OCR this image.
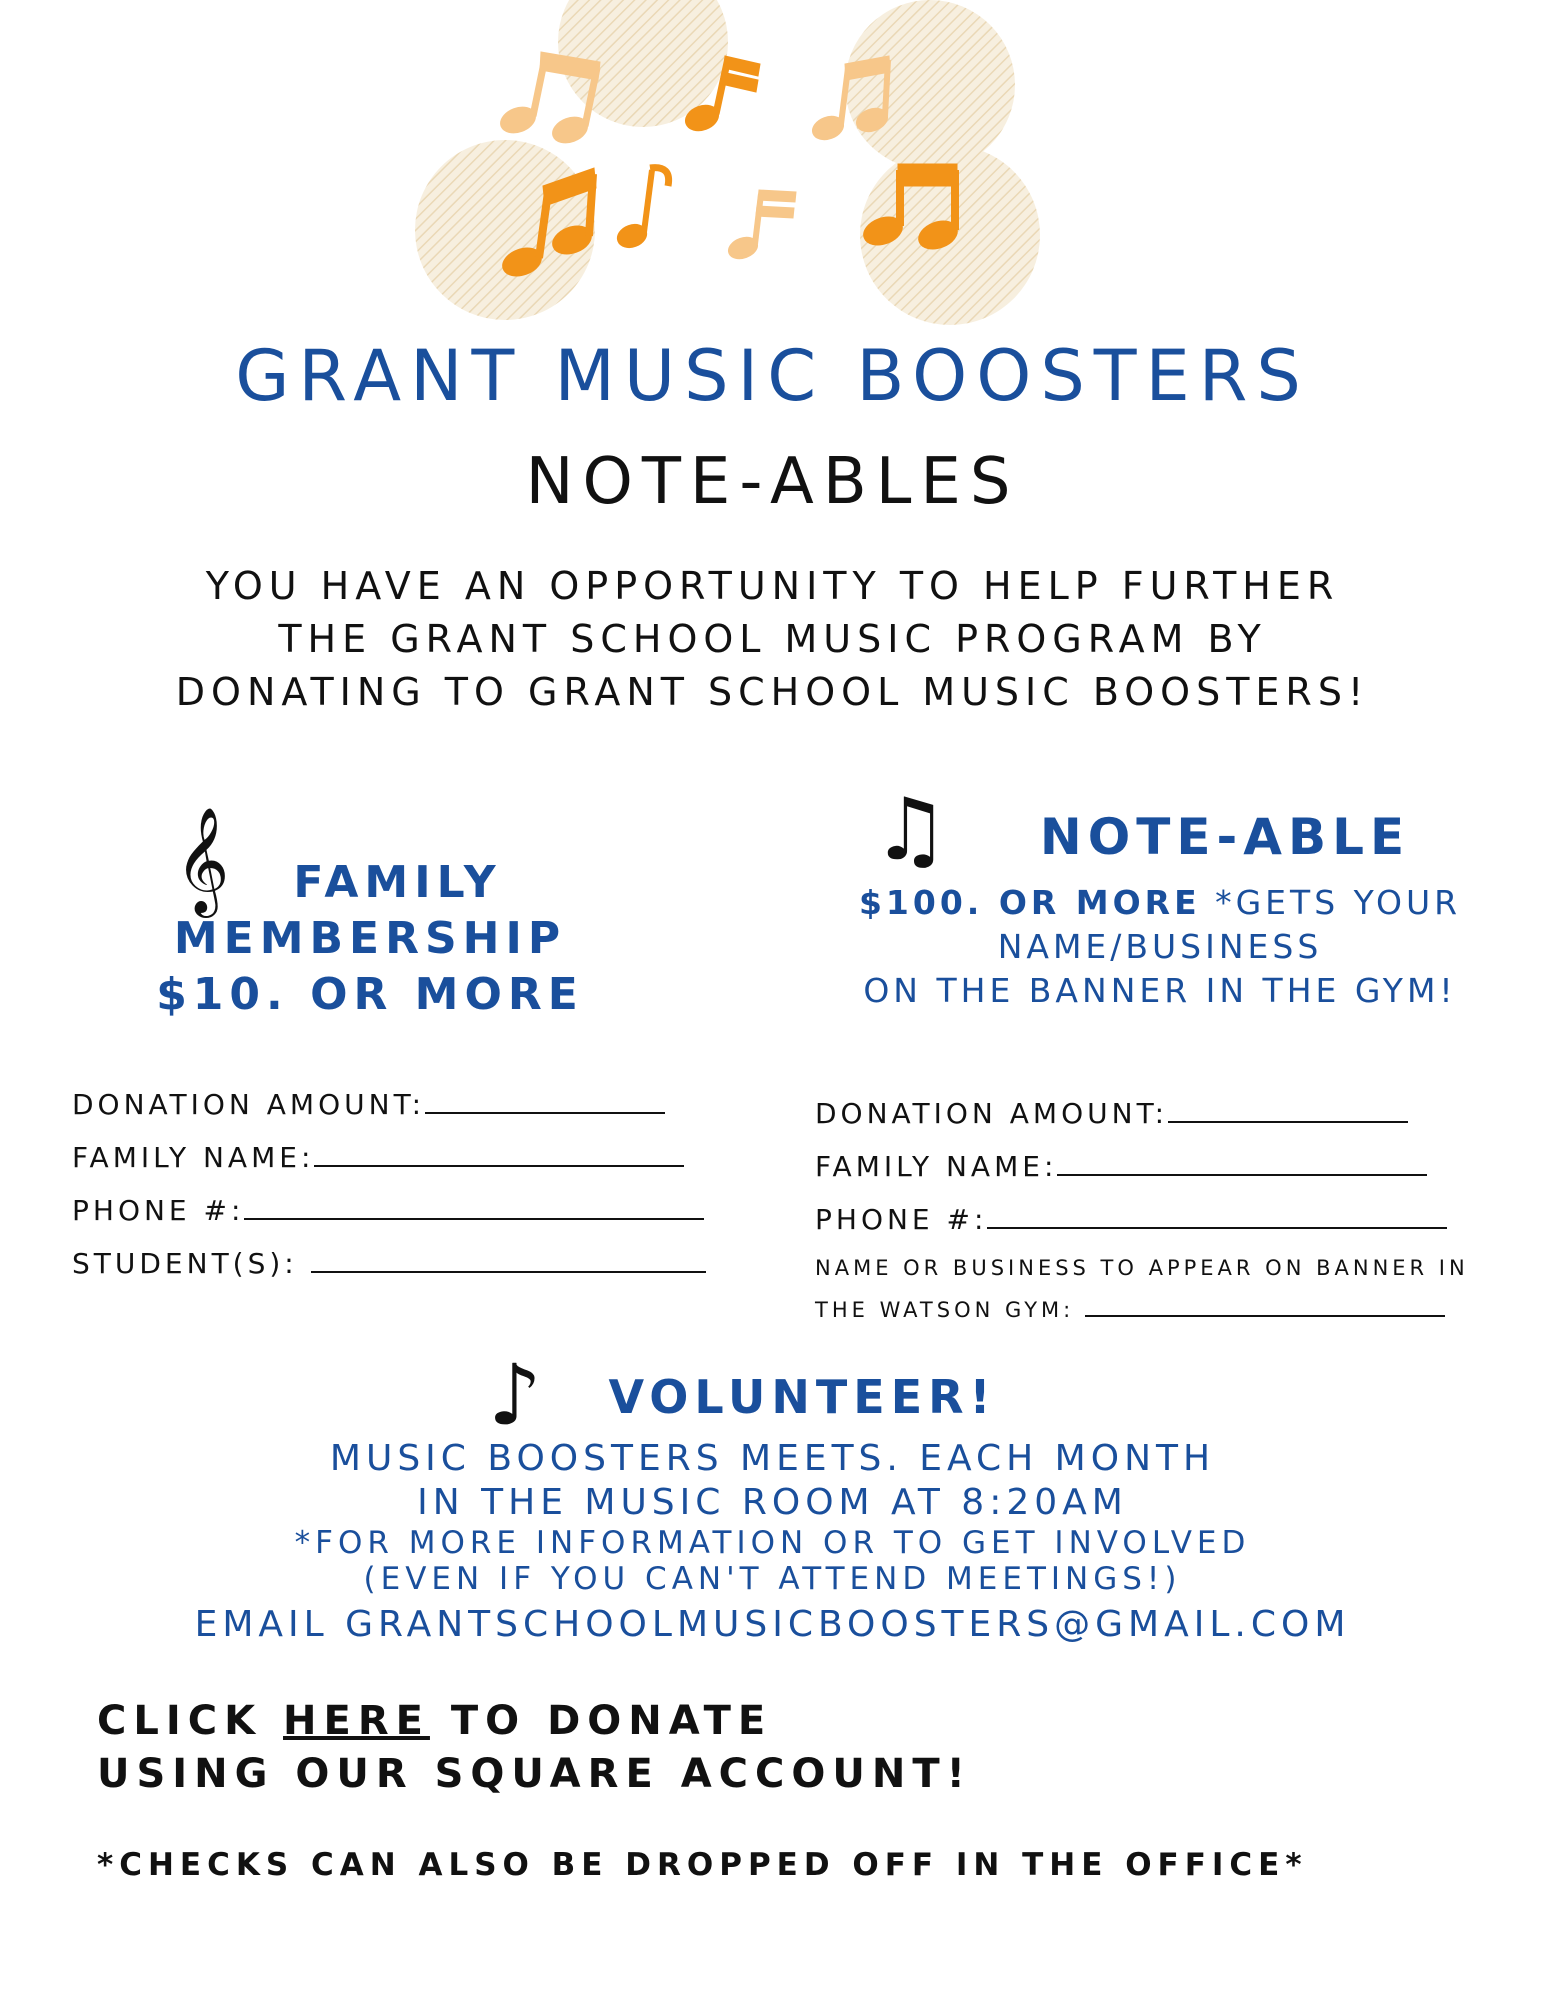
GRANT MUSIC BOOSTERS
NOTE-ABLES
YOU HAVE AN OPPORTUNITY TO HELP FURTHER
THE GRANT SCHOOL MUSIC PROGRAM BY
DONATING TO GRANT SCHOOL MUSIC BOOSTERS!
𝄞	FAMILY
MEMBERSHIP
$10. OR MORE
♫	NOTE-ABLE
$100. OR MORE *GETS YOUR
NAME/BUSINESS
ON THE BANNER IN THE GYM!
DONATION AMOUNT:
FAMILY NAME:
PHONE #:
STUDENT(S):
DONATION AMOUNT:
FAMILY NAME:
PHONE #:
NAME OR BUSINESS TO APPEAR ON BANNER IN
THE WATSON GYM:
♪	VOLUNTEER!
MUSIC BOOSTERS MEETS. EACH MONTH
IN THE MUSIC ROOM AT 8:20AM
*FOR MORE INFORMATION OR TO GET INVOLVED
(EVEN IF YOU CAN'T ATTEND MEETINGS!)
EMAIL GRANTSCHOOLMUSICBOOSTERS@GMAIL.COM
CLICK HERE TO DONATE
USING OUR SQUARE ACCOUNT!
*CHECKS CAN ALSO BE DROPPED OFF IN THE OFFICE*
